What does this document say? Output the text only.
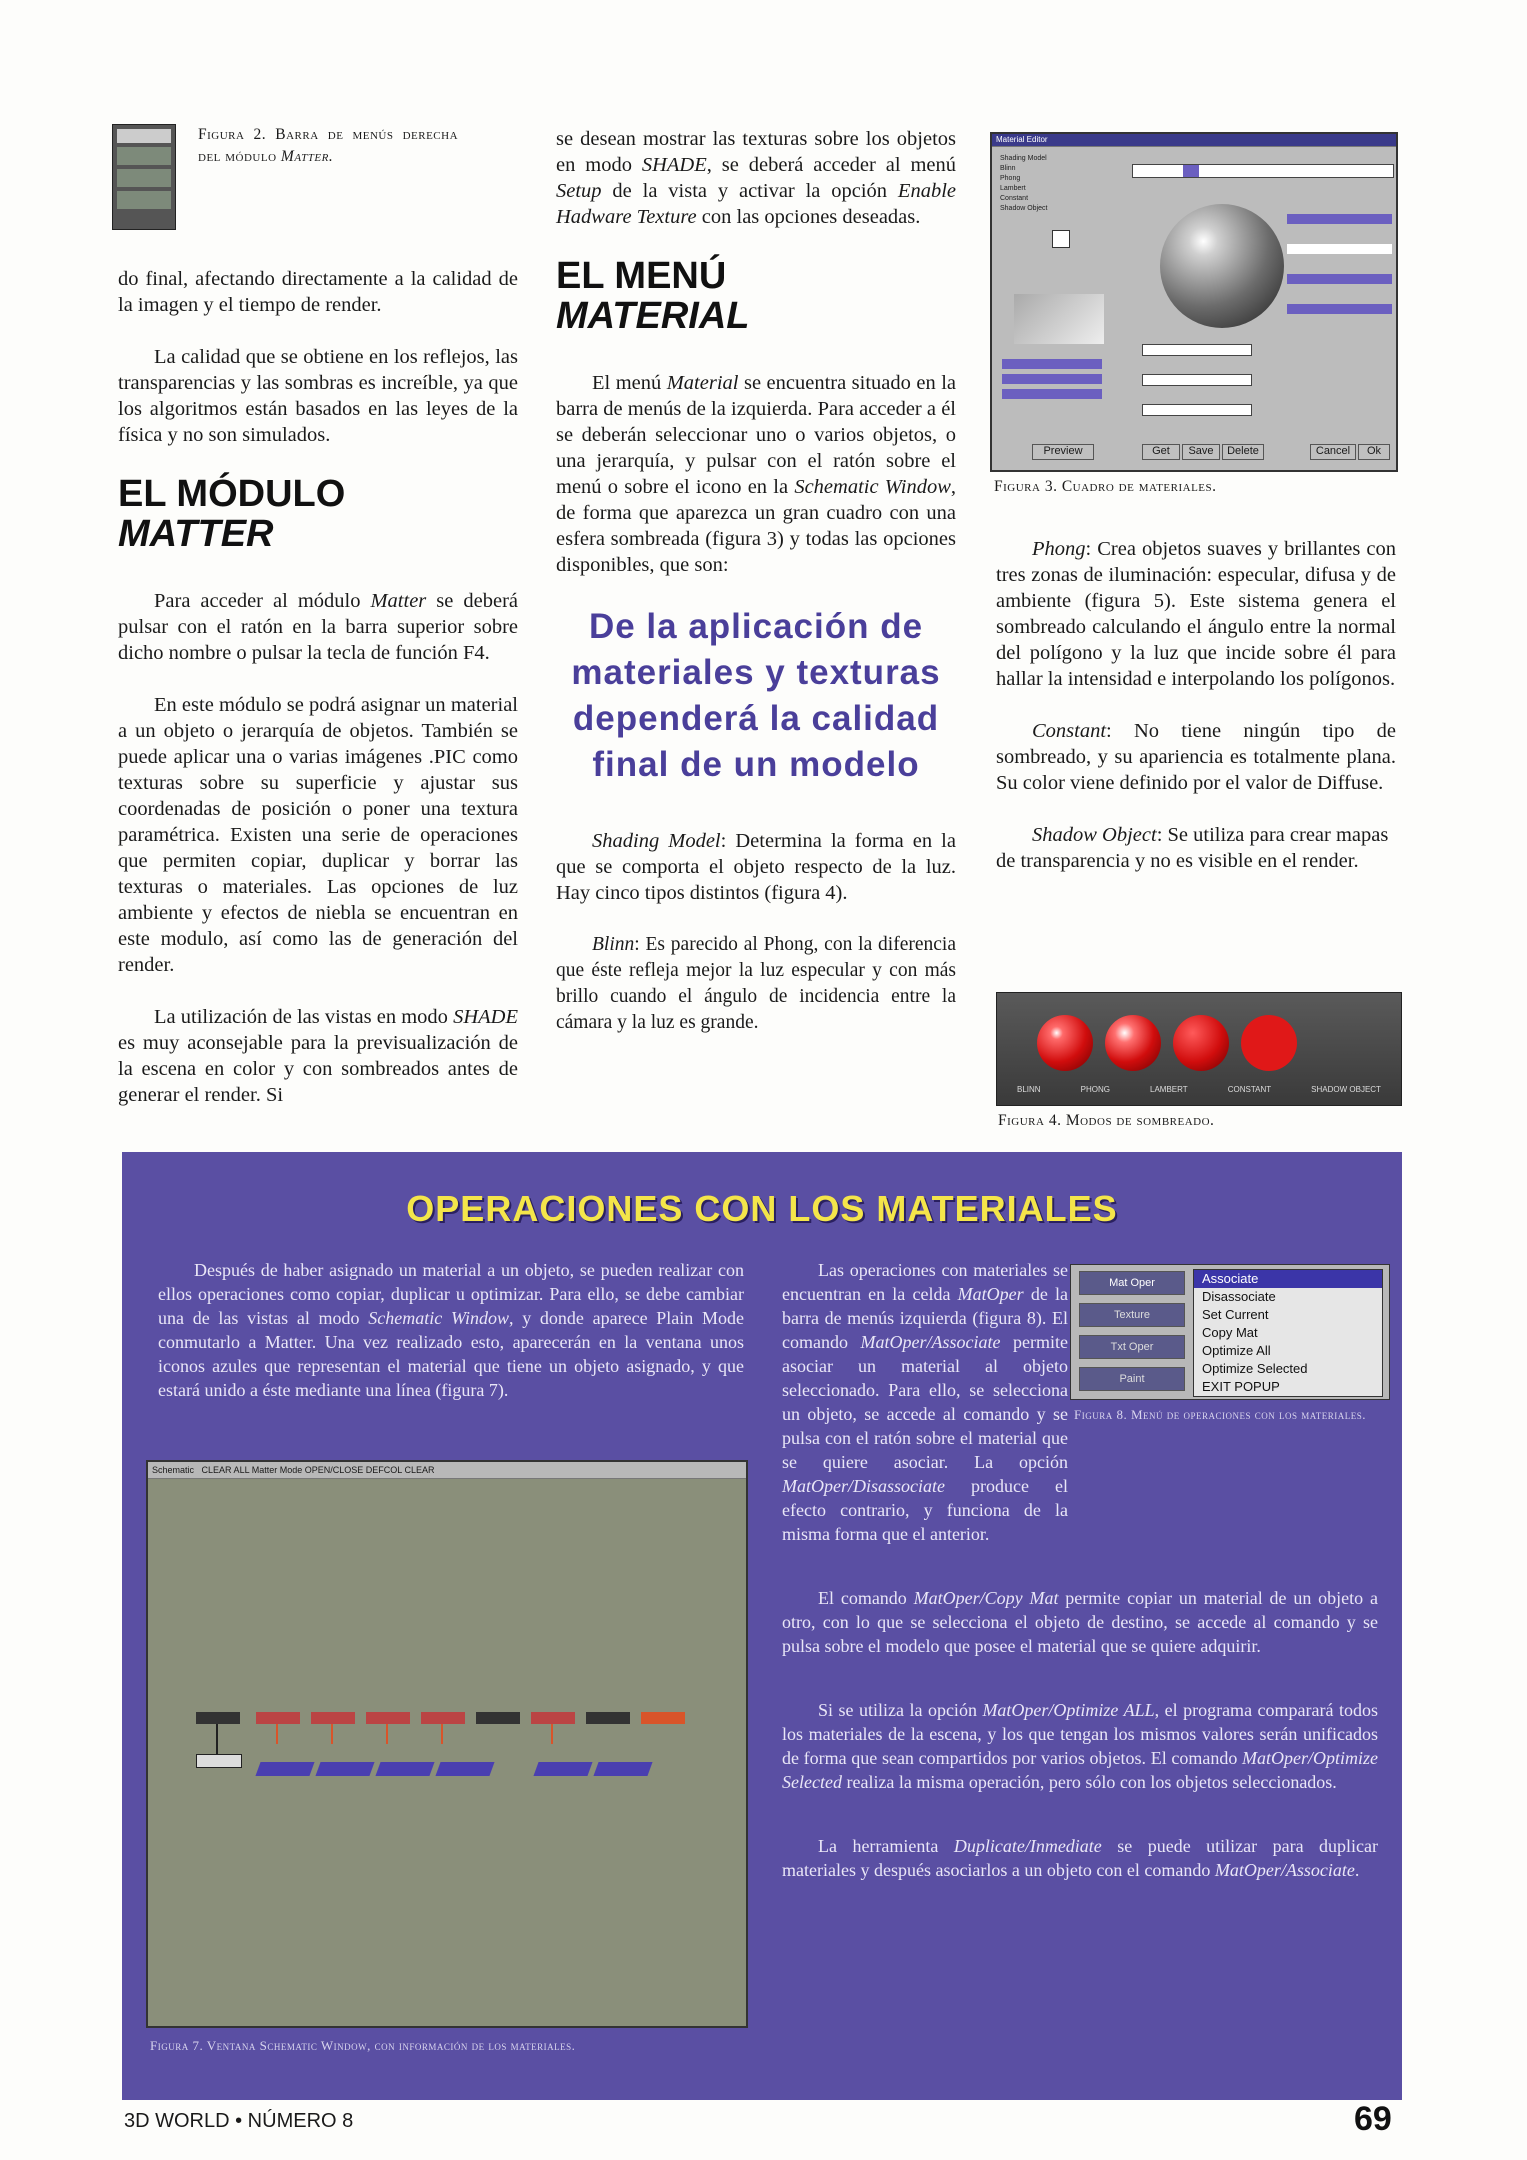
Figura 2. Barra de menús derecha del módulo Matter.

do final, afectando directamente a la calidad de la imagen y el tiempo de render.

La calidad que se obtiene en los reflejos, las transparencias y las sombras es increíble, ya que los algoritmos están basados en las leyes de la física y no son simulados.

EL MÓDULO
MATTER

Para acceder al módulo Matter se deberá pulsar con el ratón en la barra superior sobre dicho nombre o pulsar la tecla de función F4.

En este módulo se podrá asignar un material a un objeto o jerarquía de objetos. También se puede aplicar una o varias imágenes .PIC como texturas sobre su superficie y ajustar sus coordenadas de posición o poner una textura paramétrica. Existen una serie de operaciones que permiten copiar, duplicar y borrar las texturas o materiales. Las opciones de luz ambiente y efectos de niebla se encuentran en este modulo, así como las de generación del render.

La utilización de las vistas en modo SHADE es muy aconsejable para la previsualización de la escena en color y con sombreados antes de generar el render. Si

se desean mostrar las texturas sobre los objetos en modo SHADE, se deberá acceder al menú Setup de la vista y activar la opción Enable Hadware Texture con las opciones deseadas.

EL MENÚ
MATERIAL

El menú Material se encuentra situado en la barra de menús de la izquierda. Para acceder a él se deberán seleccionar uno o varios objetos, o una jerarquía, y pulsar con el ratón sobre el menú o sobre el icono en la Schematic Window, de forma que aparezca un gran cuadro con una esfera sombreada (figura 3) y todas las opciones disponibles, que son:

De la aplicación de materiales y texturas dependerá la calidad final de un modelo

Shading Model: Determina la forma en la que se comporta el objeto respecto de la luz. Hay cinco tipos distintos (figura 4).

Blinn: Es parecido al Phong, con la diferencia que éste refleja mejor la luz especular y con más brillo cuando el ángulo de incidencia entre la cámara y la luz es grande.

Material Editor
Shading Model
Blinn
Phong
Lambert
Constant
Shadow Object
Preview	Get	Save	Delete	Cancel	Ok
Figura 3. Cuadro de materiales.

Phong: Crea objetos suaves y brillantes con tres zonas de iluminación: especular, difusa y de ambiente (figura 5). Este sistema genera el sombreado calculando el ángulo entre la normal del polígono y la luz que incide sobre él para hallar la intensidad e interpolando los polígonos.

Constant: No tiene ningún tipo de sombreado, y su apariencia es totalmente plana. Su color viene definido por el valor de Diffuse.

Shadow Object: Se utiliza para crear mapas de transparencia y no es visible en el render.

BLINN	PHONG	LAMBERT	CONSTANT	SHADOW OBJECT
Figura 4. Modos de sombreado.
OPERACIONES CON LOS MATERIALES

Después de haber asignado un material a un objeto, se pueden realizar con ellos operaciones como copiar, duplicar u optimizar. Para ello, se debe cambiar una de las vistas al modo Schematic Window, y donde aparece Plain Mode conmutarlo a Matter. Una vez realizado esto, aparecerán en la ventana unos iconos azules que representan el material que tiene un objeto asignado, y que estará unido a éste mediante una línea (figura 7).

Schematic CLEAR ALL Matter Mode OPEN/CLOSE DEFCOL CLEAR
Figura 7. Ventana Schematic Window, con información de los materiales.
Mat Oper
Texture
Txt Oper
Paint
Associate
Disassociate
Set Current
Copy Mat
Optimize All
Optimize Selected
EXIT POPUP
Figura 8. Menú de operaciones con los materiales.

Las operaciones con materiales se encuentran en la celda MatOper de la barra de menús izquierda (figura 8). El comando MatOper/Associate permite asociar un material al objeto seleccionado. Para ello, se selecciona un objeto, se accede al comando y se pulsa con el ratón sobre el material que se quiere asociar. La opción MatOper/Disassociate produce el efecto contrario, y funciona de la misma forma que el anterior.

El comando MatOper/Copy Mat permite copiar un material de un objeto a otro, con lo que se selecciona el objeto de destino, se accede al comando y se pulsa sobre el modelo que posee el material que se quiere adquirir.

Si se utiliza la opción MatOper/Optimize ALL, el programa comparará todos los materiales de la escena, y los que tengan los mismos valores serán unificados de forma que sean compartidos por varios objetos. El comando MatOper/Optimize Selected realiza la misma operación, pero sólo con los objetos seleccionados.

La herramienta Duplicate/Inmediate se puede utilizar para duplicar materiales y después asociarlos a un objeto con el comando MatOper/Associate.

3D WORLD • NÚMERO 8	69
